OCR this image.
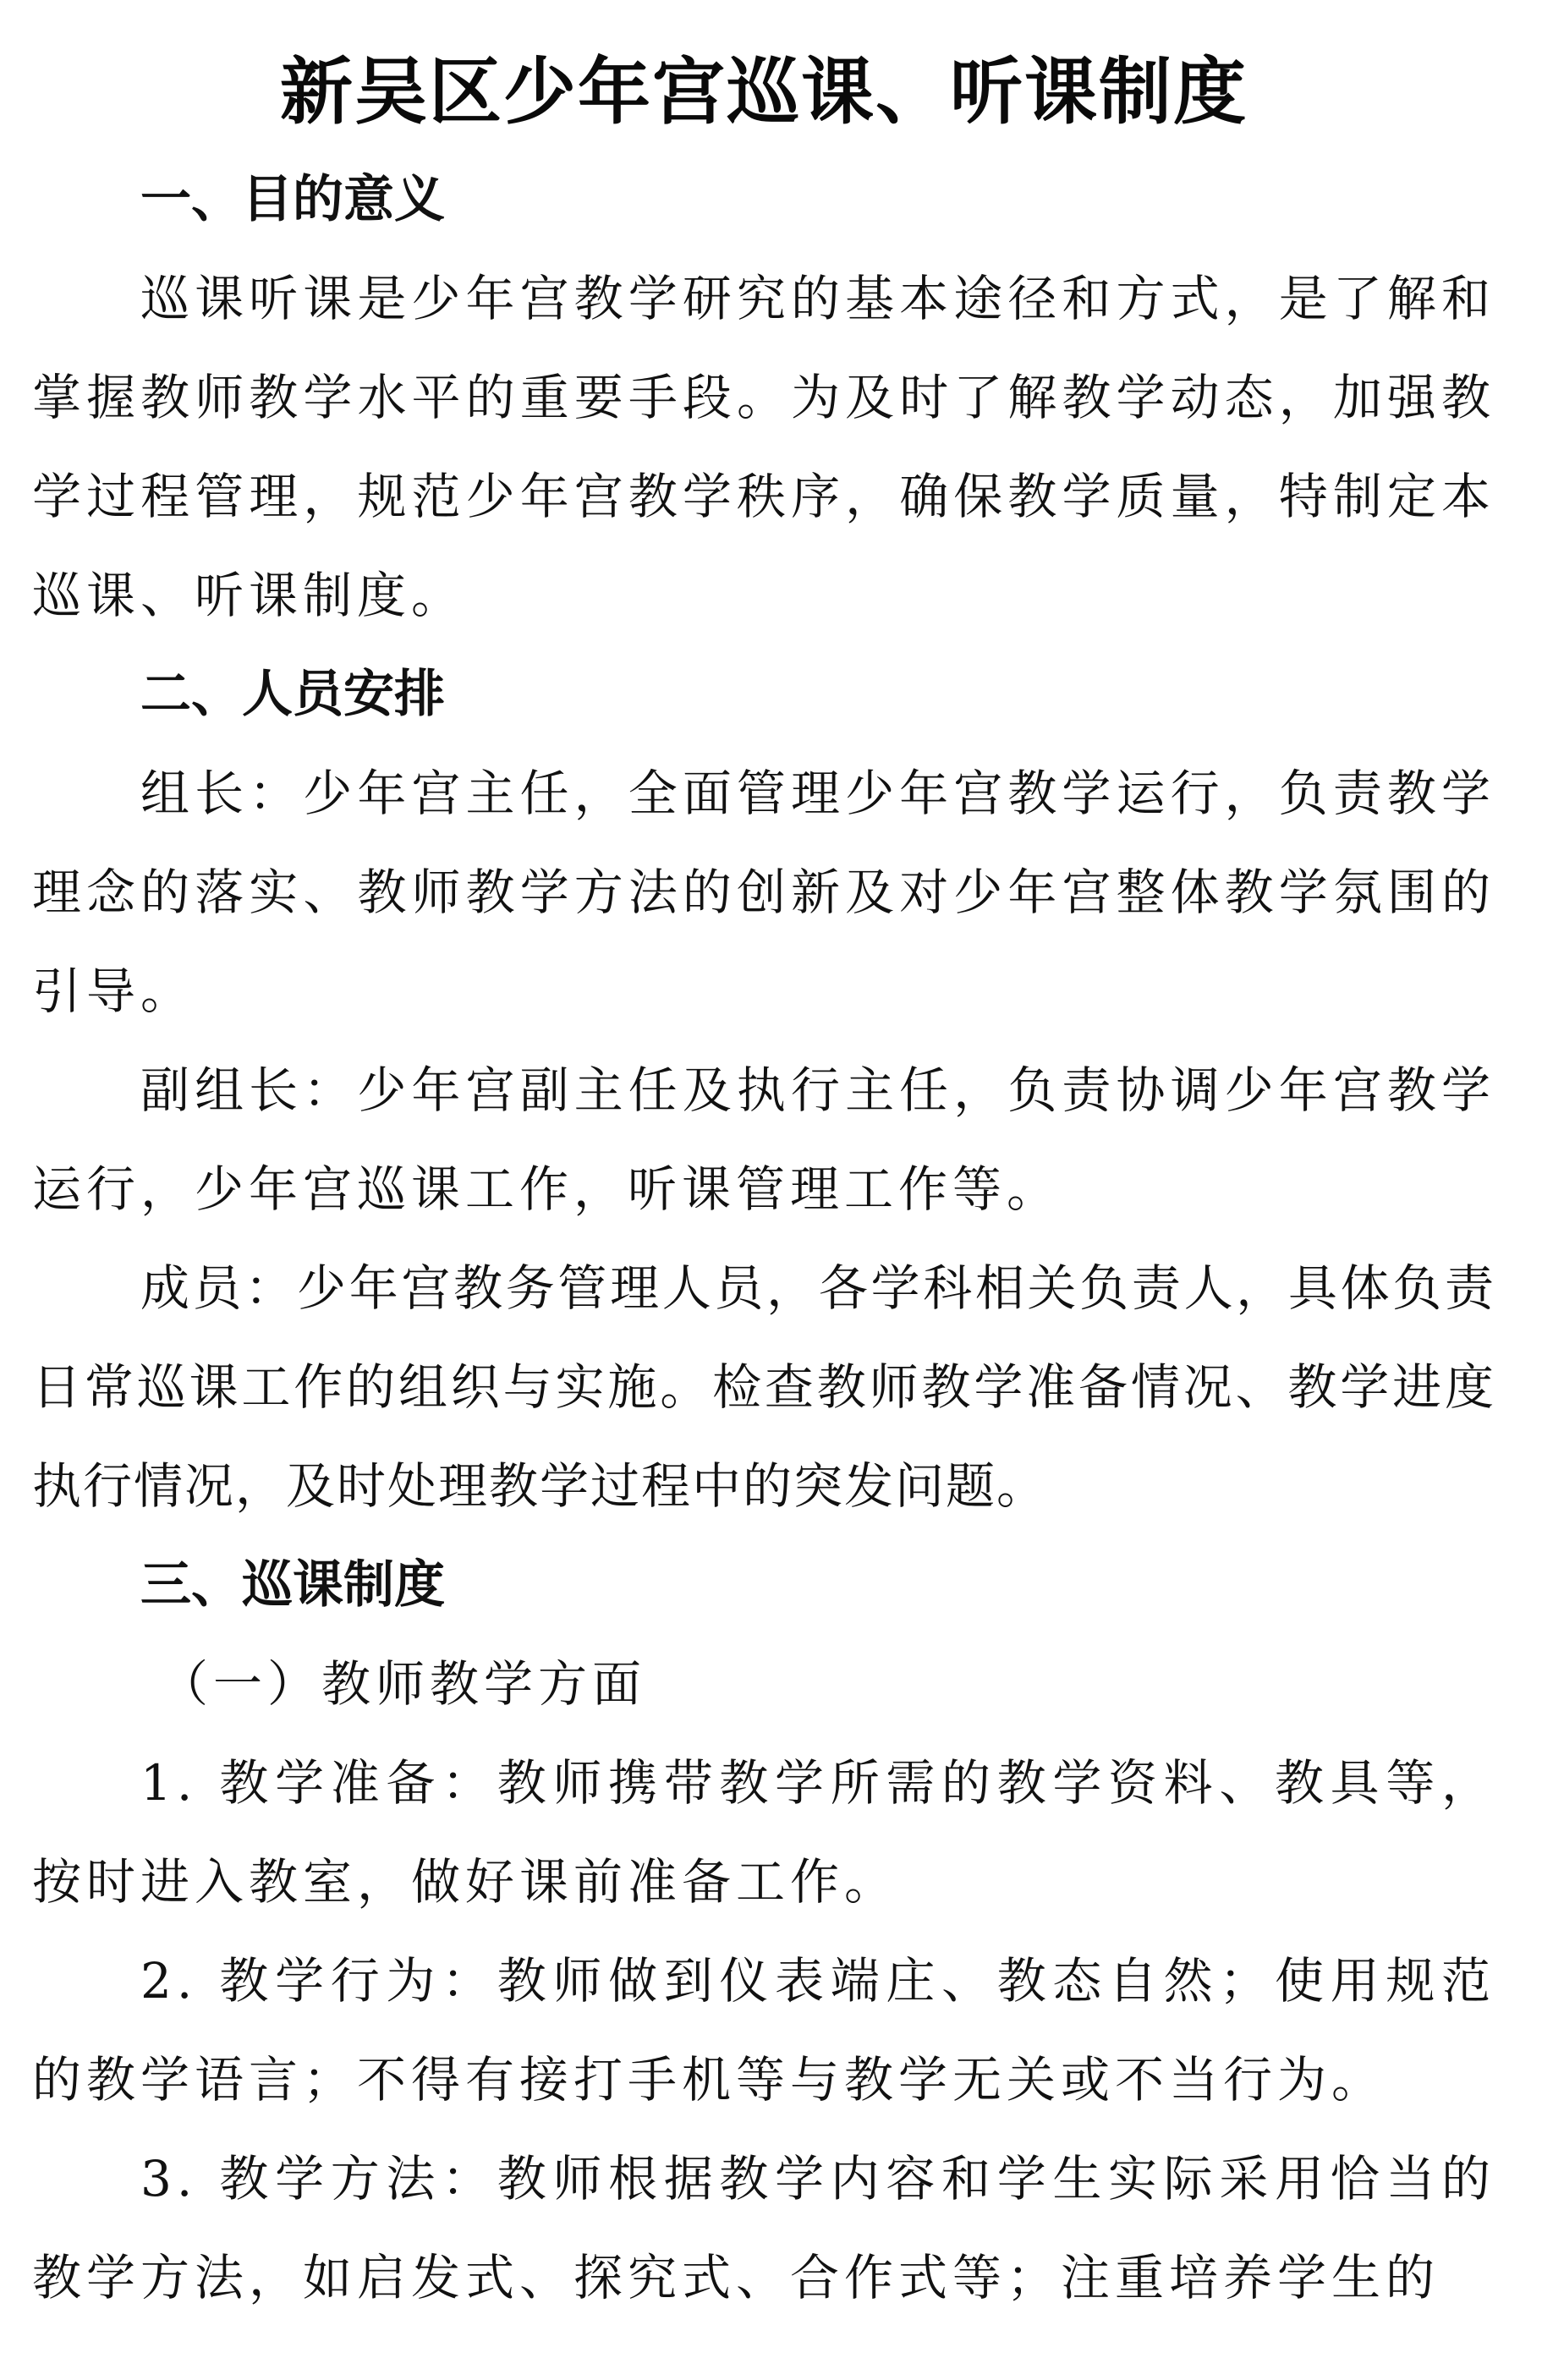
新吴区少年宫巡课、听课制度
一、目的意义

巡课听课是少年宫教学研究的基本途径和方式，是了解和掌握教师教学水平的重要手段。为及时了解教学动态，加强教学过程管理，规范少年宫教学秩序，确保教学质量，特制定本巡课、听课制度。

二、人员安排

组长：少年宫主任，全面管理少年宫教学运行，负责教学理念的落实、教师教学方法的创新及对少年宫整体教学氛围的引导。

副组长：少年宫副主任及执行主任，负责协调少年宫教学运行，少年宫巡课工作，听课管理工作等。

成员：少年宫教务管理人员，各学科相关负责人，具体负责日常巡课工作的组织与实施。检查教师教学准备情况、教学进度执行情况，及时处理教学过程中的突发问题。

三、巡课制度

（一）教师教学方面

1. 教学准备：教师携带教学所需的教学资料、教具等，按时进入教室，做好课前准备工作。

2. 教学行为：教师做到仪表端庄、教态自然；使用规范的教学语言；不得有接打手机等与教学无关或不当行为。

3. 教学方法：教师根据教学内容和学生实际采用恰当的教学方法，如启发式、探究式、合作式等；注重培养学生的
